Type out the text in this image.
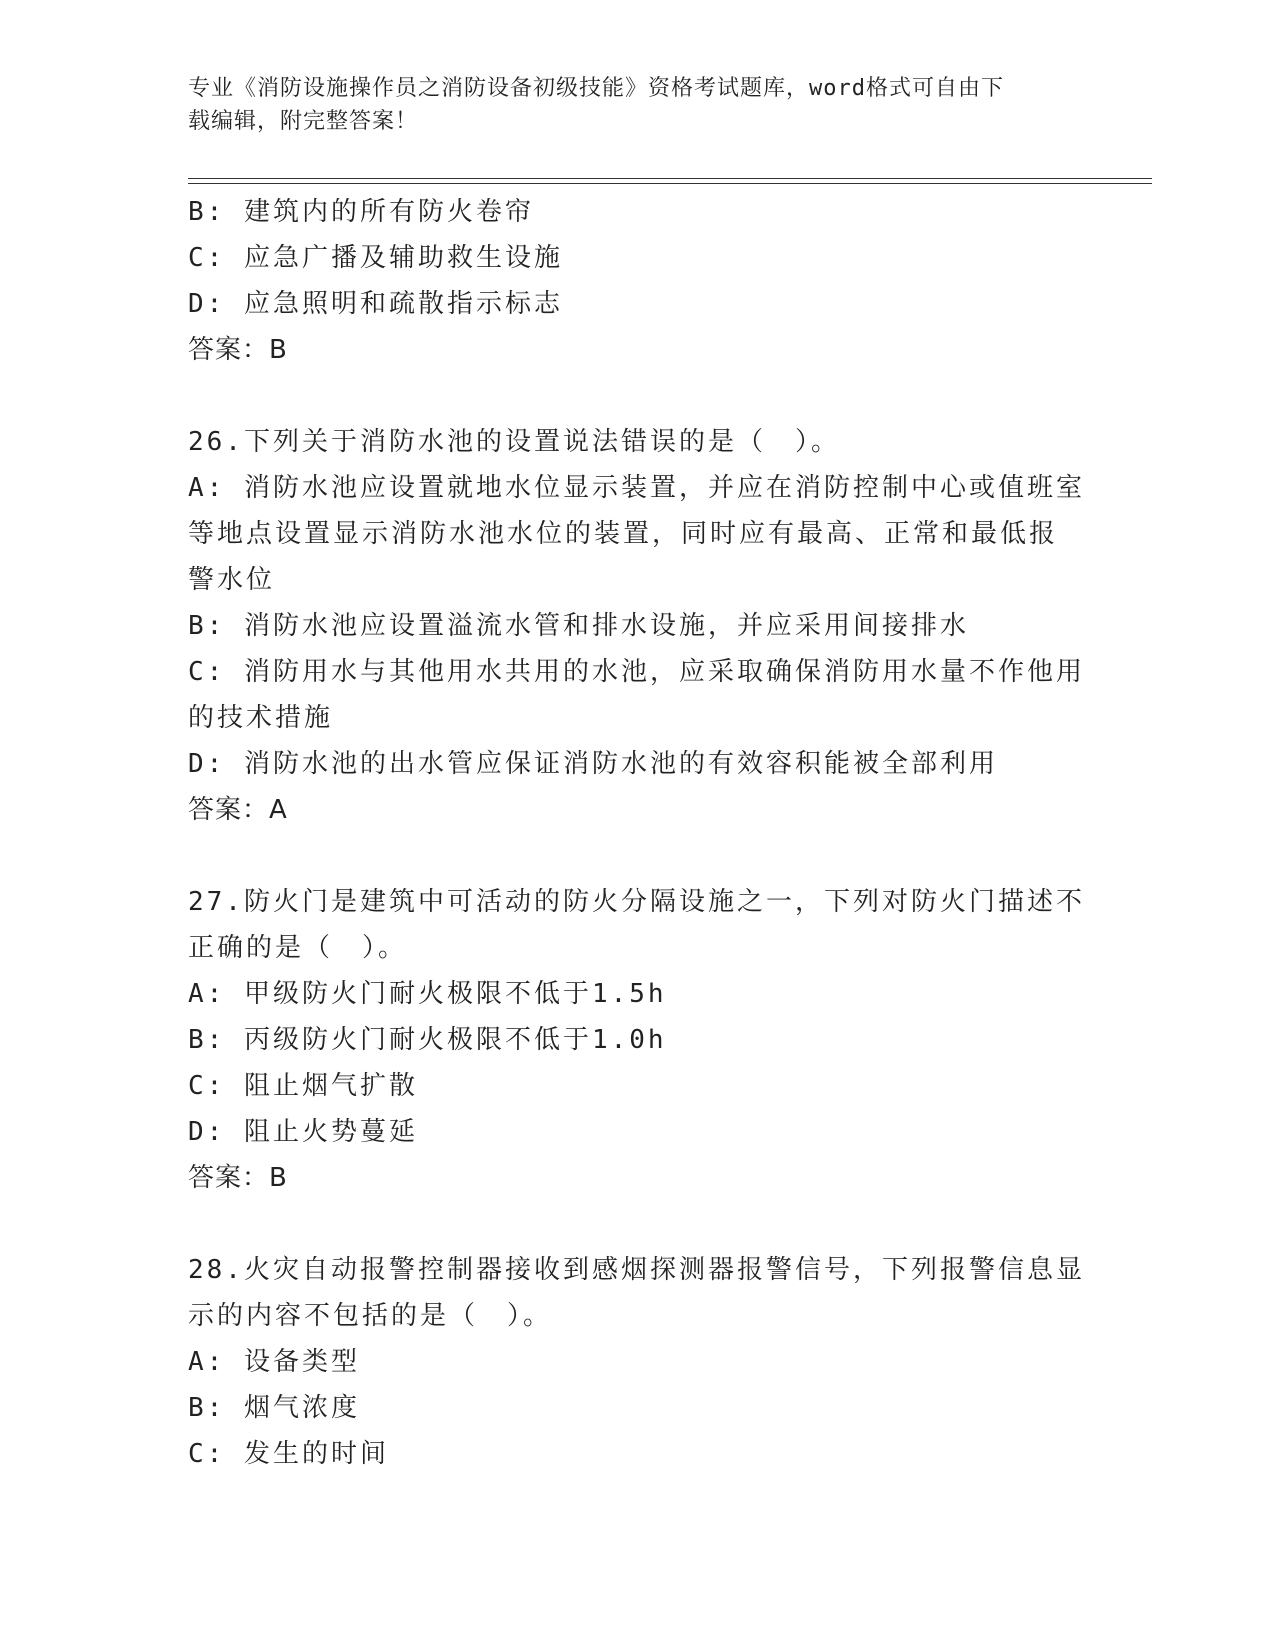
专业《消防设施操作员之消防设备初级技能》资格考试题库，word格式可自由下
载编辑，附完整答案！
B: 建筑内的所有防火卷帘
C: 应急广播及辅助救生设施
D: 应急照明和疏散指示标志
答案：B
26.下列关于消防水池的设置说法错误的是（　）。
A: 消防水池应设置就地水位显示装置，并应在消防控制中心或值班室
等地点设置显示消防水池水位的装置，同时应有最高、正常和最低报
警水位
B: 消防水池应设置溢流水管和排水设施，并应采用间接排水
C: 消防用水与其他用水共用的水池，应采取确保消防用水量不作他用
的技术措施
D: 消防水池的出水管应保证消防水池的有效容积能被全部利用
答案：A
27.防火门是建筑中可活动的防火分隔设施之一，下列对防火门描述不
正确的是（　）。
A: 甲级防火门耐火极限不低于1.5h
B: 丙级防火门耐火极限不低于1.0h
C: 阻止烟气扩散
D: 阻止火势蔓延
答案：B
28.火灾自动报警控制器接收到感烟探测器报警信号，下列报警信息显
示的内容不包括的是（　）。
A: 设备类型
B: 烟气浓度
C: 发生的时间
